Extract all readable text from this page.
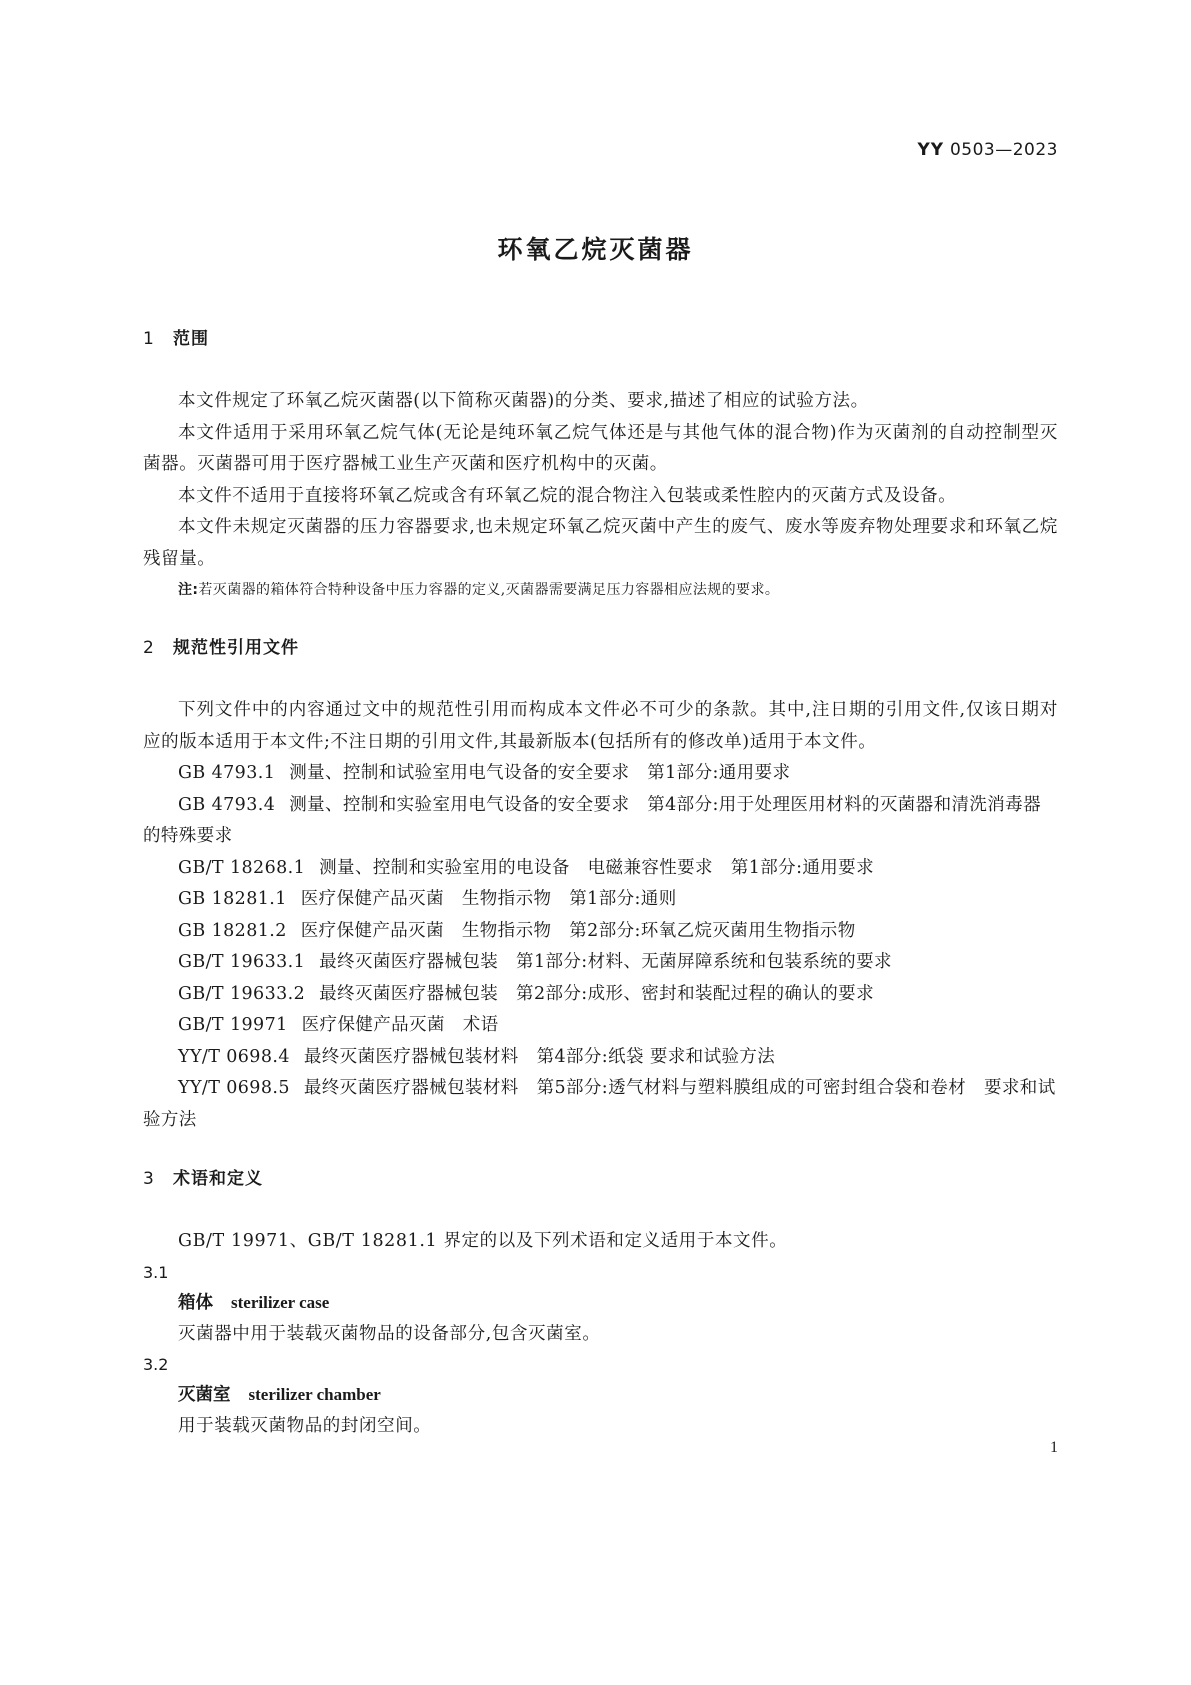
YY 0503—2023
环氧乙烷灭菌器
1 范围

本文件规定了环氧乙烷灭菌器(以下简称灭菌器)的分类、要求,描述了相应的试验方法。

本文件适用于采用环氧乙烷气体(无论是纯环氧乙烷气体还是与其他气体的混合物)作为灭菌剂的自动控制型灭菌器。灭菌器可用于医疗器械工业生产灭菌和医疗机构中的灭菌。

本文件不适用于直接将环氧乙烷或含有环氧乙烷的混合物注入包装或柔性腔内的灭菌方式及设备。

本文件未规定灭菌器的压力容器要求,也未规定环氧乙烷灭菌中产生的废气、废水等废弃物处理要求和环氧乙烷残留量。

注:若灭菌器的箱体符合特种设备中压力容器的定义,灭菌器需要满足压力容器相应法规的要求。

2 规范性引用文件

下列文件中的内容通过文中的规范性引用而构成本文件必不可少的条款。其中,注日期的引用文件,仅该日期对应的版本适用于本文件;不注日期的引用文件,其最新版本(包括所有的修改单)适用于本文件。

GB 4793.1 测量、控制和试验室用电气设备的安全要求　第1部分:通用要求

GB 4793.4 测量、控制和实验室用电气设备的安全要求　第4部分:用于处理医用材料的灭菌器和清洗消毒器的特殊要求

GB/T 18268.1 测量、控制和实验室用的电设备　电磁兼容性要求　第1部分:通用要求

GB 18281.1 医疗保健产品灭菌　生物指示物　第1部分:通则

GB 18281.2 医疗保健产品灭菌　生物指示物　第2部分:环氧乙烷灭菌用生物指示物

GB/T 19633.1 最终灭菌医疗器械包装　第1部分:材料、无菌屏障系统和包装系统的要求

GB/T 19633.2 最终灭菌医疗器械包装　第2部分:成形、密封和装配过程的确认的要求

GB/T 19971 医疗保健产品灭菌　术语

YY/T 0698.4 最终灭菌医疗器械包装材料　第4部分:纸袋 要求和试验方法

YY/T 0698.5 最终灭菌医疗器械包装材料　第5部分:透气材料与塑料膜组成的可密封组合袋和卷材　要求和试验方法

3 术语和定义

GB/T 19971、GB/T 18281.1 界定的以及下列术语和定义适用于本文件。

3.1
箱体 sterilizer case
灭菌器中用于装载灭菌物品的设备部分,包含灭菌室。
3.2
灭菌室 sterilizer chamber
用于装载灭菌物品的封闭空间。
1
